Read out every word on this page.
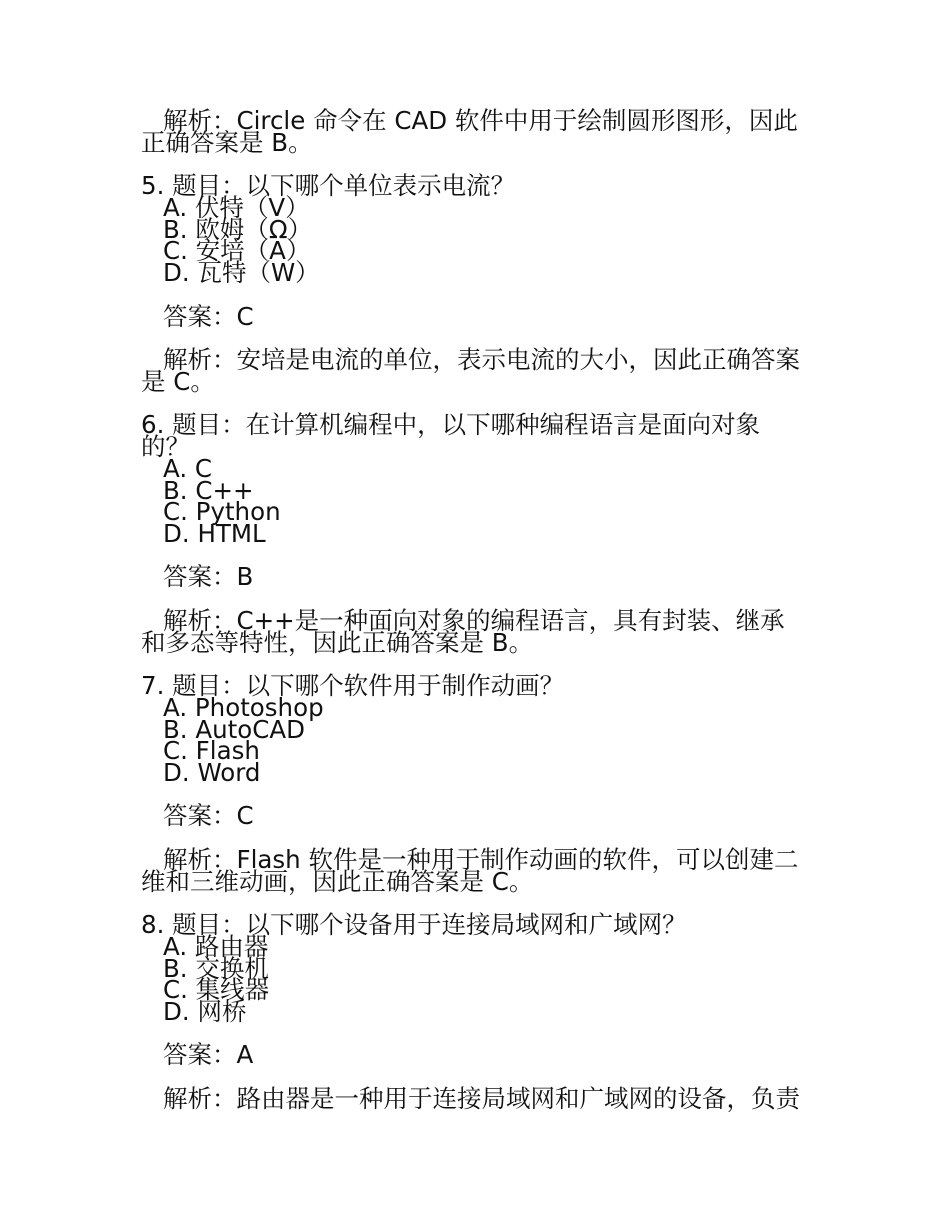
解析：Circle 命令在 CAD 软件中用于绘制圆形图形，因此
正确答案是 B。
5. 题目：以下哪个单位表示电流？
A. 伏特（V）
B. 欧姆（Ω）
C. 安培（A）
D. 瓦特（W）
答案：C
解析：安培是电流的单位，表示电流的大小，因此正确答案
是 C。
6. 题目：在计算机编程中，以下哪种编程语言是面向对象
的？
A. C
B. C++
C. Python
D. HTML
答案：B
解析：C++是一种面向对象的编程语言，具有封装、继承
和多态等特性，因此正确答案是 B。
7. 题目：以下哪个软件用于制作动画？
A. Photoshop
B. AutoCAD
C. Flash
D. Word
答案：C
解析：Flash 软件是一种用于制作动画的软件，可以创建二
维和三维动画，因此正确答案是 C。
8. 题目：以下哪个设备用于连接局域网和广域网？
A. 路由器
B. 交换机
C. 集线器
D. 网桥
答案：A
解析：路由器是一种用于连接局域网和广域网的设备，负责
